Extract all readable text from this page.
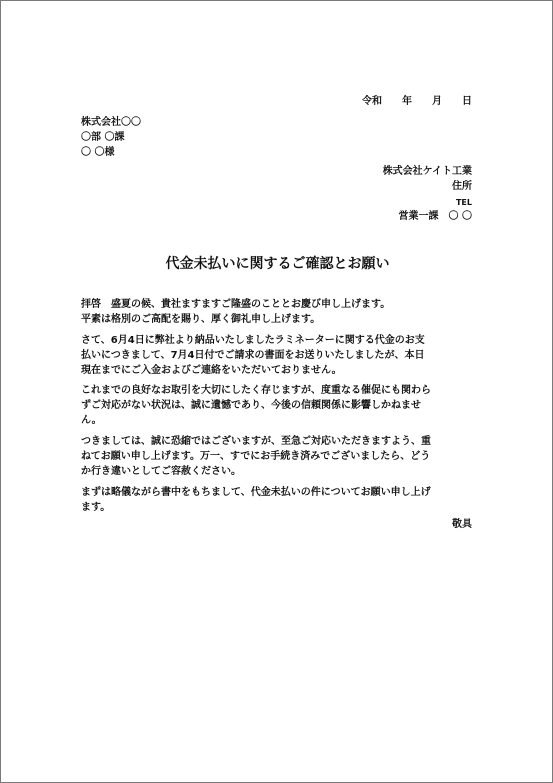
令和　　年　　月　　日
株式会社〇〇
〇部 〇課
〇 〇様
株式会社ケイト工業
住所
TEL
営業一課　〇 〇
代金未払いに関するご確認とお願い
拝啓　盛夏の候、貴社ますますご隆盛のこととお慶び申し上げます。
平素は格別のご高配を賜り、厚く御礼申し上げます。
さて、6月4日に弊社より納品いたしましたラミネーターに関する代金のお支
払いにつきまして、7月4日付でご請求の書面をお送りいたしましたが、本日
現在までにご入金およびご連絡をいただいておりません。
これまでの良好なお取引を大切にしたく存じますが、度重なる催促にも関わら
ずご対応がない状況は、誠に遺憾であり、今後の信頼関係に影響しかねませ
ん。
つきましては、誠に恐縮ではございますが、至急ご対応いただきますよう、重
ねてお願い申し上げます。万一、すでにお手続き済みでございましたら、どう
か行き違いとしてご容赦ください。
まずは略儀ながら書中をもちまして、代金未払いの件についてお願い申し上げ
ます。
敬具
